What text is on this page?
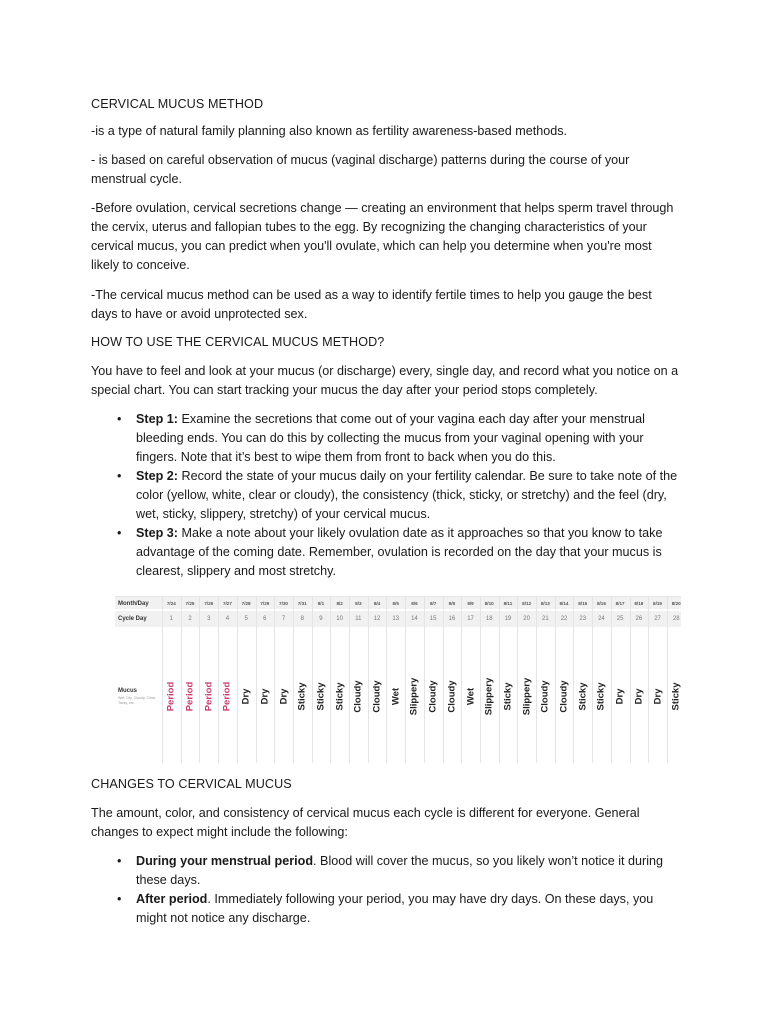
CERVICAL MUCUS METHOD

-is a type of natural family planning also known as fertility awareness-based methods.

- is based on careful observation of mucus (vaginal discharge) patterns during the course of your menstrual cycle.

-Before ovulation, cervical secretions change — creating an environment that helps sperm travel through the cervix, uterus and fallopian tubes to the egg. By recognizing the changing characteristics of your cervical mucus, you can predict when you'll ovulate, which can help you determine when you're most likely to conceive.

-The cervical mucus method can be used as a way to identify fertile times to help you gauge the best days to have or avoid unprotected sex.

HOW TO USE THE CERVICAL MUCUS METHOD?

You have to feel and look at your mucus (or discharge) every, single day, and record what you notice on a special chart. You can start tracking your mucus the day after your period stops completely.

• Step 1: Examine the secretions that come out of your vagina each day after your menstrual bleeding ends. You can do this by collecting the mucus from your vaginal opening with your fingers. Note that it’s best to wipe them from front to back when you do this.
• Step 2: Record the state of your mucus daily on your fertility calendar. Be sure to take note of the color (yellow, white, clear or cloudy), the consistency (thick, sticky, or stretchy) and the feel (dry, wet, sticky, slippery, stretchy) of your cervical mucus.
• Step 3: Make a note about your likely ovulation date as it approaches so that you know to take advantage of the coming date. Remember, ovulation is recorded on the day that your mucus is clearest, slippery and most stretchy.
Month/Day
Cycle Day
Mucus
Wet, Dry, Cloudy, Clear, Tacky, etc.
7/24
1
Period
7/25
2
Period
7/26
3
Period
7/27
4
Period
7/28
5
Dry
7/29
6
Dry
7/30
7
Dry
7/31
8
Sticky
8/1
9
Sticky
8/2
10
Sticky
8/3
11
Cloudy
8/4
12
Cloudy
8/5
13
Wet
8/6
14
Slippery
8/7
15
Cloudy
8/8
16
Cloudy
8/9
17
Wet
8/10
18
Slippery
8/11
19
Sticky
8/12
20
Slippery
8/13
21
Cloudy
8/14
22
Cloudy
8/15
23
Sticky
8/16
24
Sticky
8/17
25
Dry
8/18
26
Dry
8/19
27
Dry
8/20
28
Sticky

CHANGES TO CERVICAL MUCUS

The amount, color, and consistency of cervical mucus each cycle is different for everyone. General changes to expect might include the following:

• During your menstrual period. Blood will cover the mucus, so you likely won’t notice it during these days.
• After period. Immediately following your period, you may have dry days. On these days, you might not notice any discharge.
